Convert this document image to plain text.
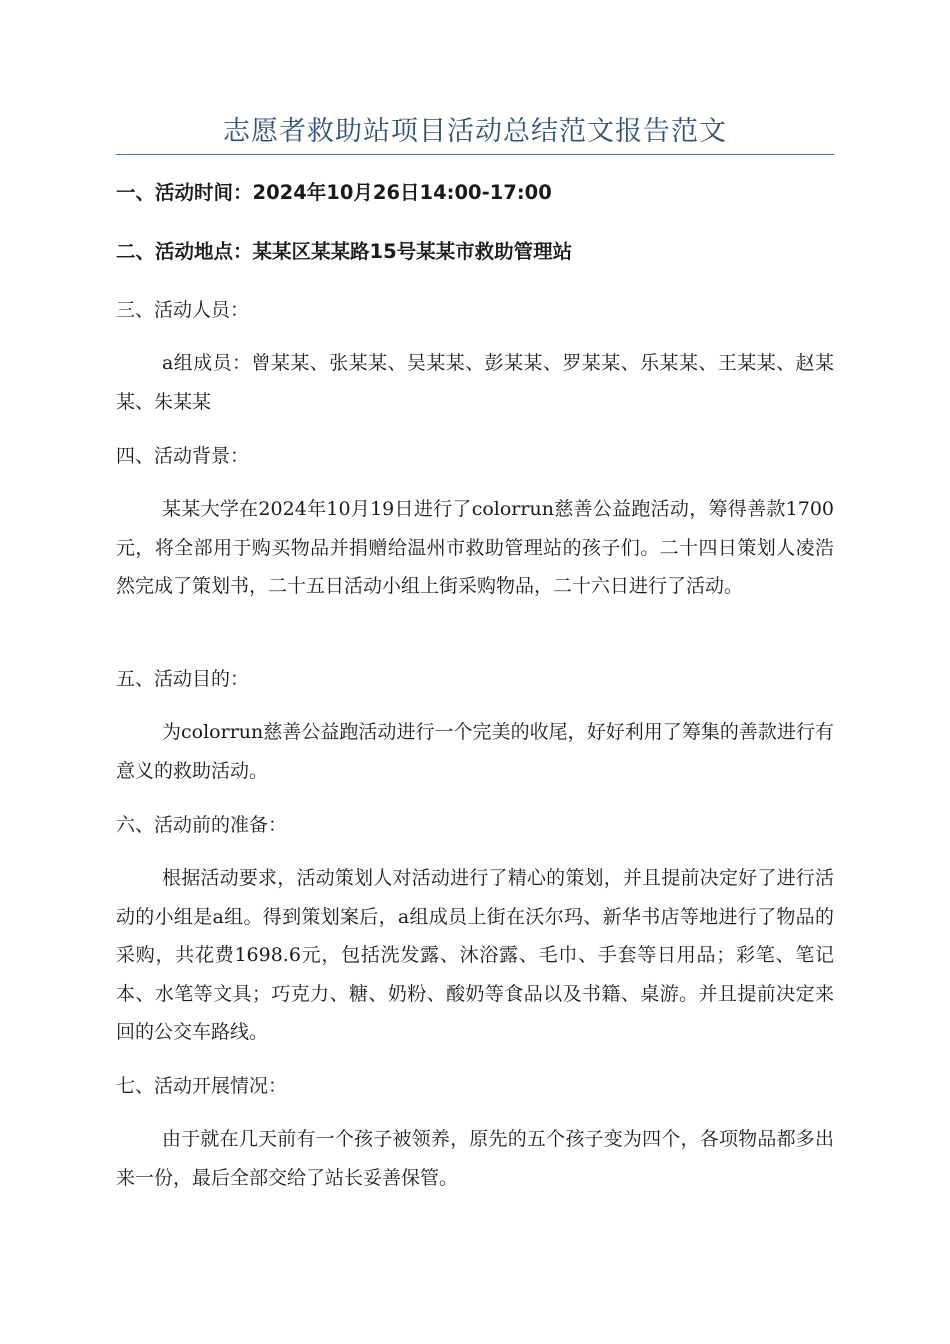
志愿者救助站项目活动总结范文报告范文

一、活动时间：2024年10月26日14:00-17:00

二、活动地点：某某区某某路15号某某市救助管理站

三、活动人员：

a组成员：曾某某、张某某、吴某某、彭某某、罗某某、乐某某、王某某、赵某某、朱某某

四、活动背景：

某某大学在2024年10月19日进行了colorrun慈善公益跑活动，筹得善款1700元，将全部用于购买物品并捐赠给温州市救助管理站的孩子们。二十四日策划人凌浩然完成了策划书，二十五日活动小组上街采购物品，二十六日进行了活动。

五、活动目的：

为colorrun慈善公益跑活动进行一个完美的收尾，好好利用了筹集的善款进行有意义的救助活动。

六、活动前的准备：

根据活动要求，活动策划人对活动进行了精心的策划，并且提前决定好了进行活动的小组是a组。得到策划案后，a组成员上街在沃尔玛、新华书店等地进行了物品的采购，共花费1698.6元，包括洗发露、沐浴露、毛巾、手套等日用品；彩笔、笔记本、水笔等文具；巧克力、糖、奶粉、酸奶等食品以及书籍、桌游。并且提前决定来回的公交车路线。

七、活动开展情况：

由于就在几天前有一个孩子被领养，原先的五个孩子变为四个，各项物品都多出来一份，最后全部交给了站长妥善保管。
